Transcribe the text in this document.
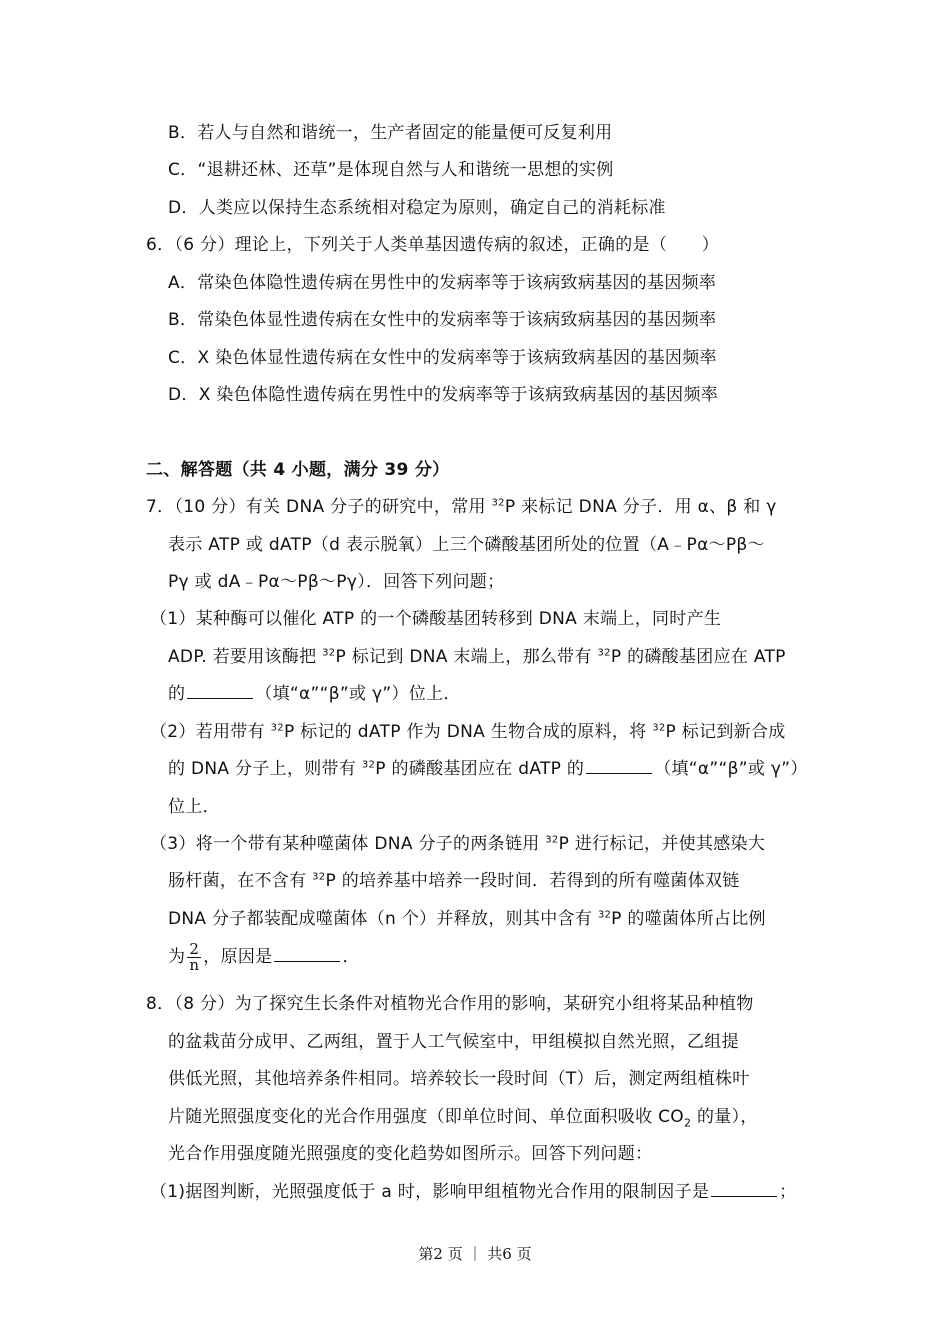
B．若人与自然和谐统一，生产者固定的能量便可反复利用
C．“退耕还林、还草”是体现自然与人和谐统一思想的实例
D．人类应以保持生态系统相对稳定为原则，确定自己的消耗标准
6．（6 分）理论上，下列关于人类单基因遗传病的叙述，正确的是（　　）
A．常染色体隐性遗传病在男性中的发病率等于该病致病基因的基因频率
B．常染色体显性遗传病在女性中的发病率等于该病致病基因的基因频率
C．X 染色体显性遗传病在女性中的发病率等于该病致病基因的基因频率
D．X 染色体隐性遗传病在男性中的发病率等于该病致病基因的基因频率
二、解答题（共 4 小题，满分 39 分）
7．（10 分）有关 DNA 分子的研究中，常用 $^{32}$P 来标记 DNA 分子．用 α、β 和 γ
表示 ATP 或 dATP（d 表示脱氧）上三个磷酸基团所处的位置（A﹣Pα～Pβ～
Pγ 或 dA﹣Pα～Pβ～Pγ）．回答下列问题；
（1）某种酶可以催化 ATP 的一个磷酸基团转移到 DNA 末端上，同时产生
ADP. 若要用该酶把 $^{32}$P 标记到 DNA 末端上，那么带有 $^{32}$P 的磷酸基团应在 ATP
的	（填“α”“β”或 γ”）位上．
（2）若用带有 $^{32}$P 标记的 dATP 作为 DNA 生物合成的原料，将 $^{32}$P 标记到新合成
的 DNA 分子上，则带有 $^{32}$P 的磷酸基团应在 dATP 的	（填“α”“β”或 γ”）
位上．
（3）将一个带有某种噬菌体 DNA 分子的两条链用 $^{32}$P 进行标记，并使其感染大
肠杆菌，在不含有 $^{32}$P 的培养基中培养一段时间．若得到的所有噬菌体双链
DNA 分子都装配成噬菌体（n 个）并释放，则其中含有 $^{32}$P 的噬菌体所占比例
为 $\frac{2}{n}$ ，原因是	．
8．（8 分）为了探究生长条件对植物光合作用的影响，某研究小组将某品种植物
的盆栽苗分成甲、乙两组，置于人工气候室中，甲组模拟自然光照，乙组提
供低光照，其他培养条件相同。培养较长一段时间（T）后，测定两组植株叶
片随光照强度变化的光合作用强度（即单位时间、单位面积吸收 $CO_2$ 的量），
光合作用强度随光照强度的变化趋势如图所示。回答下列问题：
（1)据图判断，光照强度低于 a 时，影响甲组植物光合作用的限制因子是	；
第2 页 ｜ 共6 页
